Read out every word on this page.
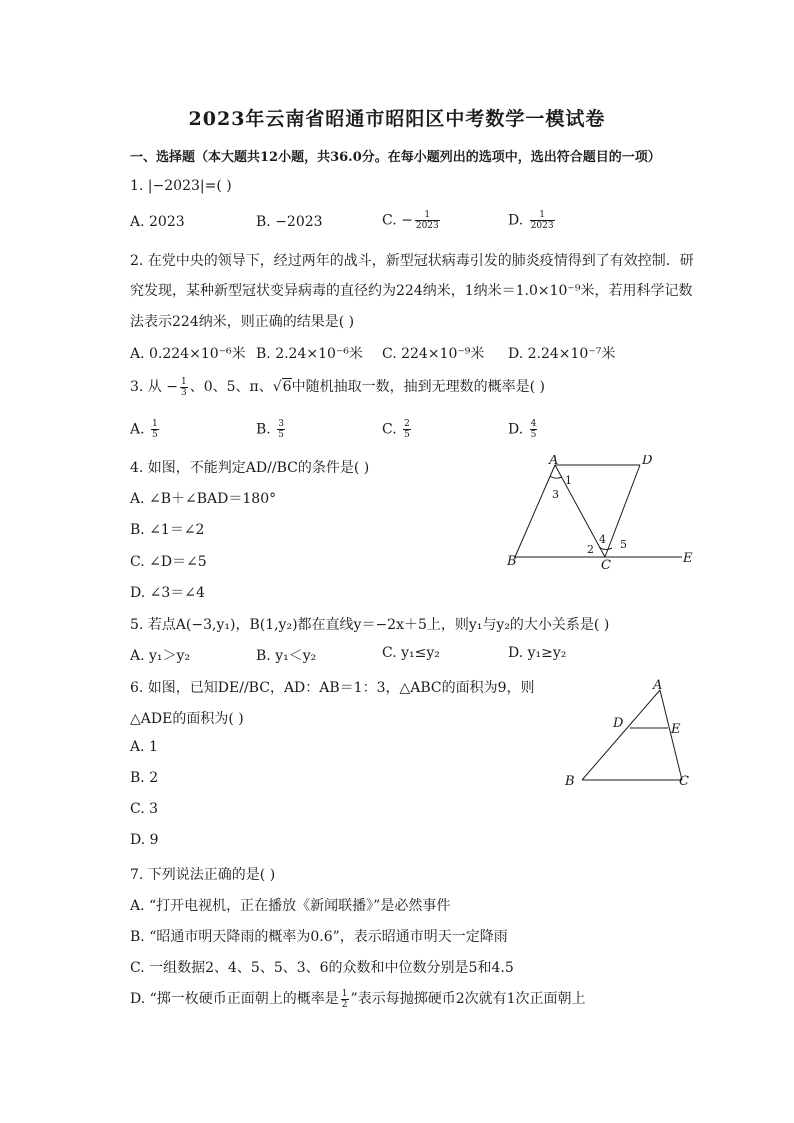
2023年云南省昭通市昭阳区中考数学一模试卷
一、选择题（本大题共12小题，共36.0分。在每小题列出的选项中，选出符合题目的一项）
1. |−2023|=( )
A. 2023	B. −2023	C. − $\frac{1}{2023}$	D. $\frac{1}{2023}$
2. 在党中央的领导下，经过两年的战斗，新型冠状病毒引发的肺炎疫情得到了有效控制．研
究发现，某种新型冠状变异病毒的直径约为224纳米，1纳米＝1.0×10⁻⁹米，若用科学记数
法表示224纳米，则正确的结果是( )
A. 0.224×10⁻⁶米 B. 2.24×10⁻⁶米 C. 224×10⁻⁹米 D. 2.24×10⁻⁷米
3. 从 − $\frac{1}{3}$ 、0、5、π、√6中随机抽取一数，抽到无理数的概率是( )
A. $\frac{1}{5}$	B. $\frac{3}{5}$	C. $\frac{2}{5}$	D. $\frac{4}{5}$
4. 如图，不能判定AD//BC的条件是( )
A. ∠B＋∠BAD＝180°
B. ∠1＝∠2
C. ∠D＝∠5
D. ∠3＝∠4
A	D
B	C	E
1
3
2
4 5
5. 若点A(−3,y₁)，B(1,y₂)都在直线y＝−2x＋5上，则y₁与y₂的大小关系是( )
A. y₁＞y₂	B. y₁＜y₂	C. y₁≤y₂	D. y₁≥y₂
6. 如图，已知DE//BC，AD：AB＝1：3，△ABC的面积为9，则
△ADE的面积为( )
A. 1
B. 2
C. 3
D. 9
A
D	E
B	C
7. 下列说法正确的是( )
A. “打开电视机，正在播放《新闻联播》”是必然事件
B. “昭通市明天降雨的概率为0.6”，表示昭通市明天一定降雨
C. 一组数据2、4、5、5、3、6的众数和中位数分别是5和4.5
D. “掷一枚硬币正面朝上的概率是 $\frac{1}{2}$ ”表示每抛掷硬币2次就有1次正面朝上
